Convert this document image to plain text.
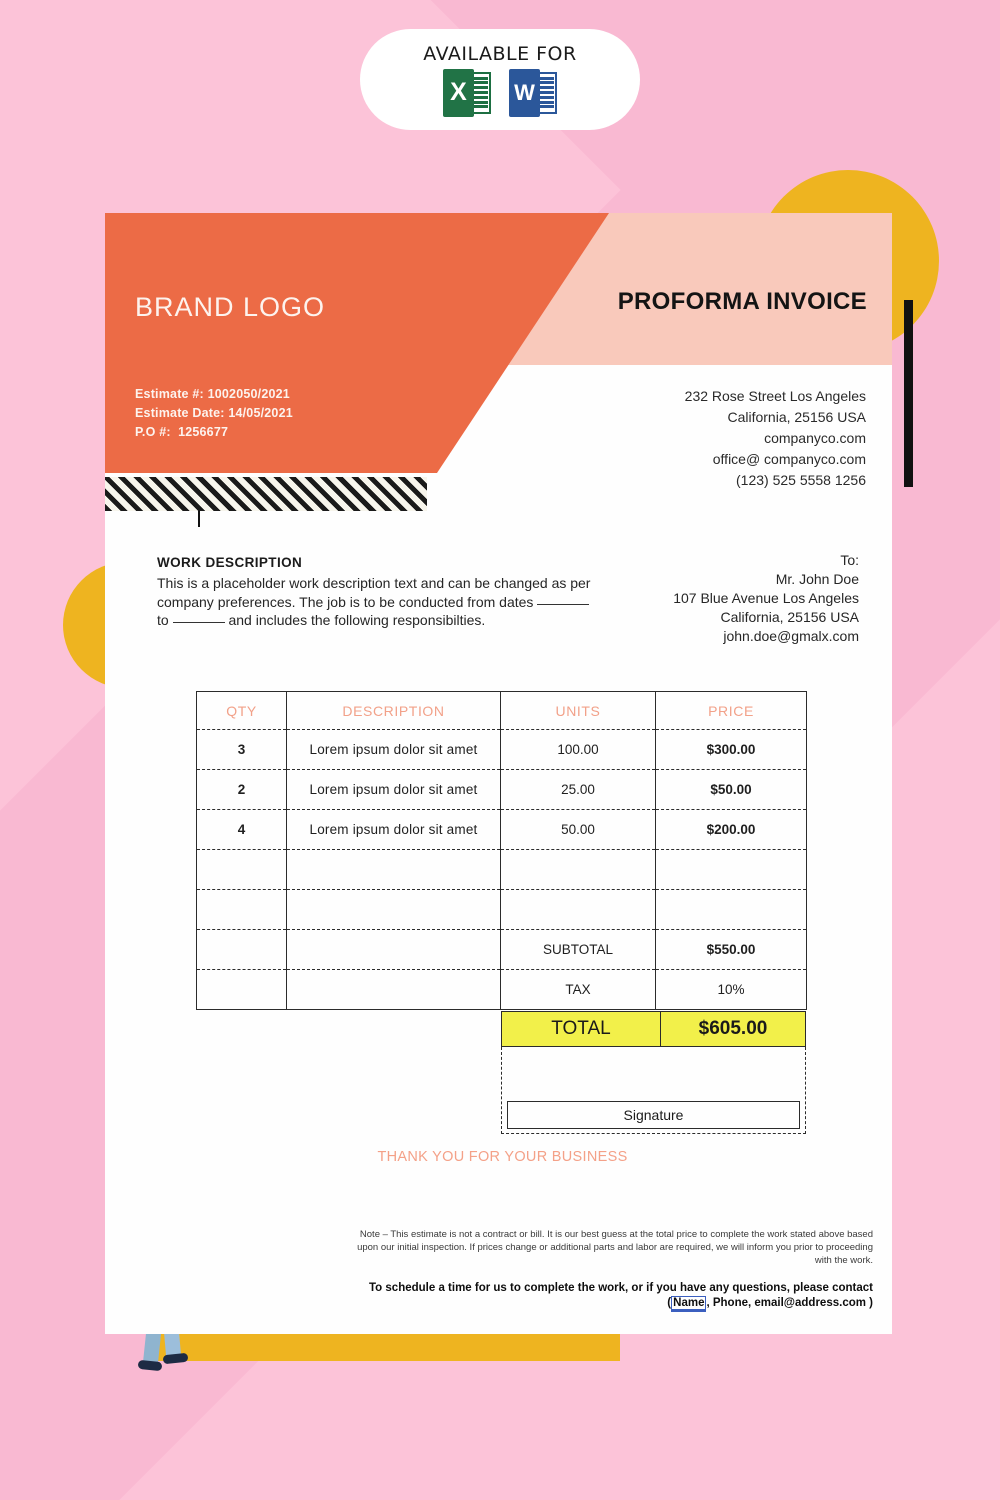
AVAILABLE FOR
X	W
BRAND LOGO	PROFORMA INVOICE
Estimate #: 1002050/2021
Estimate Date: 14/05/2021
P.O #: 1256677
232 Rose Street Los Angeles
California, 25156 USA
companyco.com
office@ companyco.com
(123) 525 5558 1256
WORK DESCRIPTION
This is a placeholder work description text and can be changed as per company preferences. The job is to be conducted from dates  to	and includes the following responsibilties.
To:
Mr. John Doe
107 Blue Avenue Los Angeles
California, 25156 USA
john.doe@gmalx.com
QTY	DESCRIPTION	UNITS	PRICE
3	Lorem ipsum dolor sit amet	100.00	$300.00
2	Lorem ipsum dolor sit amet	25.00	$50.00
4	Lorem ipsum dolor sit amet	50.00	$200.00

		SUBTOTAL	$550.00
		TAX	10%
TOTAL	$605.00
Signature
THANK YOU FOR YOUR BUSINESS
Note – This estimate is not a contract or bill. It is our best guess at the total price to complete the work stated above based upon our initial inspection. If prices change or additional parts and labor are required, we will inform you prior to proceeding with the work.
To schedule a time for us to complete the work, or if you have any questions, please contact
( Name , Phone, email@address.com )
